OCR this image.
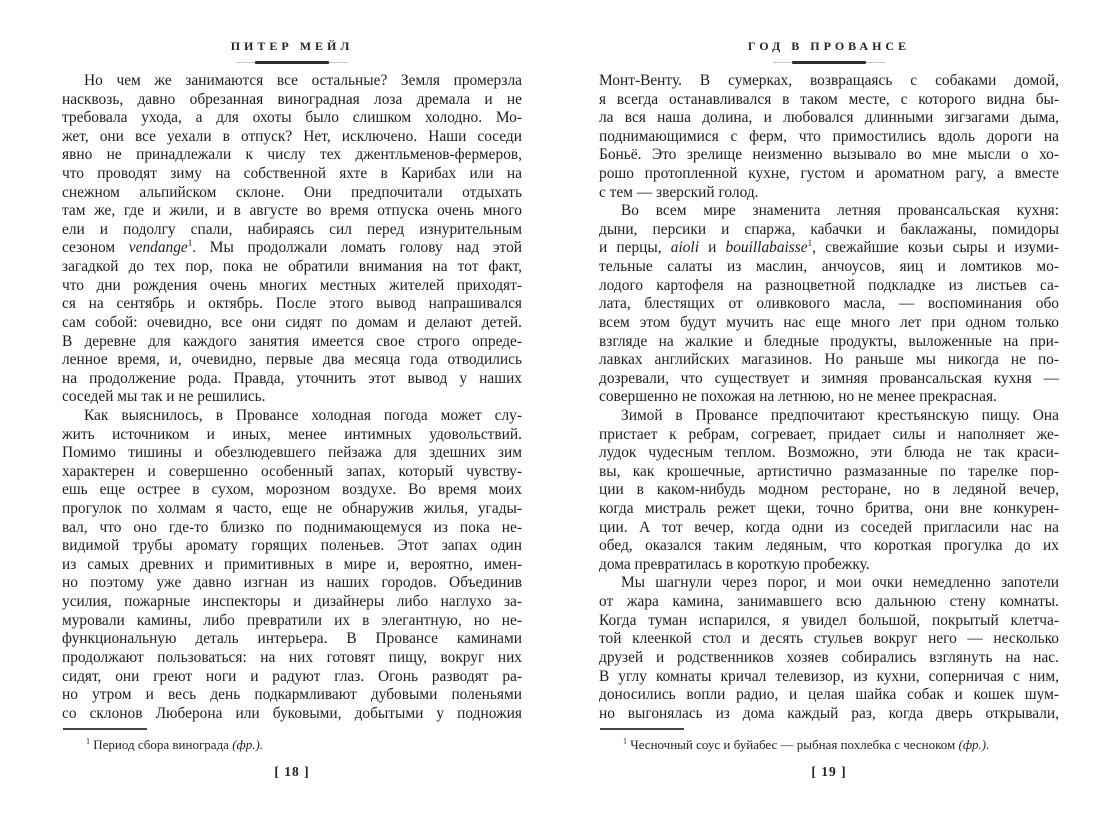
ПИТЕР МЕЙЛ
Но чем же занимаются все остальные? Земля промерзла
насквозь, давно обрезанная виноградная лоза дремала и не
требовала ухода, а для охоты было слишком холодно. Мо-
жет, они все уехали в отпуск? Нет, исключено. Наши соседи
явно не принадлежали к числу тех джентльменов-фермеров,
что проводят зиму на собственной яхте в Карибах или на
снежном альпийском склоне. Они предпочитали отдыхать
там же, где и жили, и в августе во время отпуска очень много
ели и подолгу спали, набираясь сил перед изнурительным
сезоном vendange$^1$. Мы продолжали ломать голову над этой
загадкой до тех пор, пока не обратили внимания на тот факт,
что дни рождения очень многих местных жителей приходят-
ся на сентябрь и октябрь. После этого вывод напрашивался
сам собой: очевидно, все они сидят по домам и делают детей.
В деревне для каждого занятия имеется свое строго опреде-
ленное время, и, очевидно, первые два месяца года отводились
на продолжение рода. Правда, уточнить этот вывод у наших
соседей мы так и не решились.
Как выяснилось, в Провансе холодная погода может слу-
жить источником и иных, менее интимных удовольствий.
Помимо тишины и обезлюдевшего пейзажа для здешних зим
характерен и совершенно особенный запах, который чувству-
ешь еще острее в сухом, морозном воздухе. Во время моих
прогулок по холмам я часто, еще не обнаружив жилья, угады-
вал, что оно где-то близко по поднимающемуся из пока не-
видимой трубы аромату горящих поленьев. Этот запах один
из самых древних и примитивных в мире и, вероятно, имен-
но поэтому уже давно изгнан из наших городов. Объединив
усилия, пожарные инспекторы и дизайнеры либо наглухо за-
муровали камины, либо превратили их в элегантную, но не-
функциональную деталь интерьера. В Провансе каминами
продолжают пользоваться: на них готовят пищу, вокруг них
сидят, они греют ноги и радуют глаз. Огонь разводят ра-
но утром и весь день подкармливают дубовыми поленьями
со склонов Люберона или буковыми, добытыми у подножия
$^1$ Период сбора винограда (фр.).
[ 18 ]
ГОД В ПРОВАНСЕ
Монт-Венту. В сумерках, возвращаясь с собаками домой,
я всегда останавливался в таком месте, с которого видна бы-
ла вся наша долина, и любовался длинными зигзагами дыма,
поднимающимися с ферм, что примостились вдоль дороги на
Боньё. Это зрелище неизменно вызывало во мне мысли о хо-
рошо протопленной кухне, густом и ароматном рагу, а вместе
с тем — зверский голод.
Во всем мире знаменита летняя провансальская кухня:
дыни, персики и спаржа, кабачки и баклажаны, помидоры
и перцы, aioli и bouillabaisse$^1$, свежайшие козьи сыры и изуми-
тельные салаты из маслин, анчоусов, яиц и ломтиков мо-
лодого картофеля на разноцветной подкладке из листьев са-
лата, блестящих от оливкового масла, — воспоминания обо
всем этом будут мучить нас еще много лет при одном только
взгляде на жалкие и бледные продукты, выложенные на при-
лавках английских магазинов. Но раньше мы никогда не по-
дозревали, что существует и зимняя провансальская кухня —
совершенно не похожая на летнюю, но не менее прекрасная.
Зимой в Провансе предпочитают крестьянскую пищу. Она
пристает к ребрам, согревает, придает силы и наполняет же-
лудок чудесным теплом. Возможно, эти блюда не так краси-
вы, как крошечные, артистично размазанные по тарелке пор-
ции в каком-нибудь модном ресторане, но в ледяной вечер,
когда мистраль режет щеки, точно бритва, они вне конкурен-
ции. А тот вечер, когда одни из соседей пригласили нас на
обед, оказался таким ледяным, что короткая прогулка до их
дома превратилась в короткую пробежку.
Мы шагнули через порог, и мои очки немедленно запотели
от жара камина, занимавшего всю дальнюю стену комнаты.
Когда туман испарился, я увидел большой, покрытый клетча-
той клеенкой стол и десять стульев вокруг него — несколько
друзей и родственников хозяев собирались взглянуть на нас.
В углу комнаты кричал телевизор, из кухни, соперничая с ним,
доносились вопли радио, и целая шайка собак и кошек шум-
но выгонялась из дома каждый раз, когда дверь открывали,
$^1$ Чесночный соус и буйабес — рыбная похлебка с чесноком (фр.).
[ 19 ]
